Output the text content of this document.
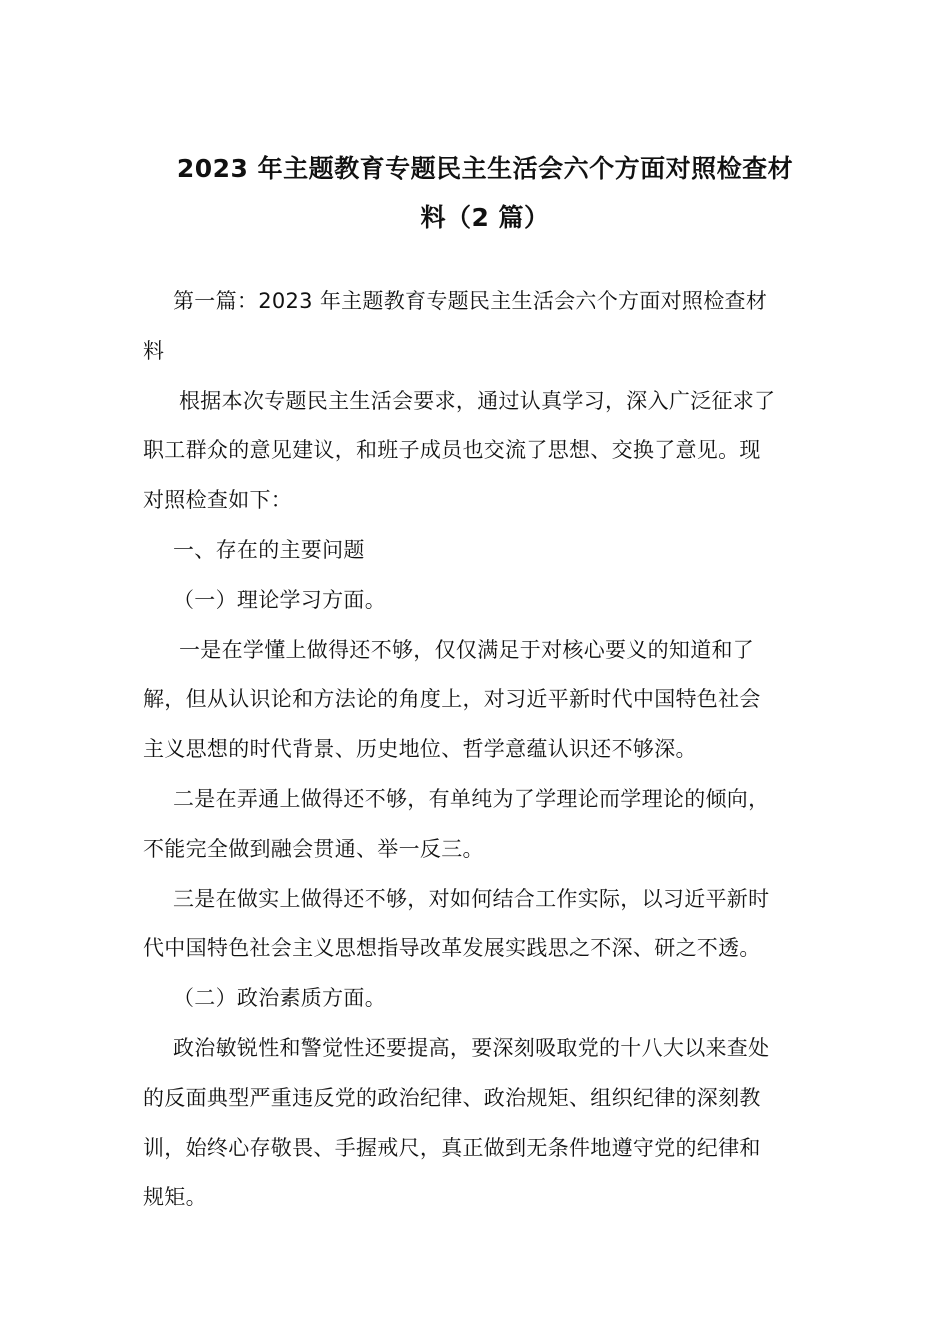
2023 年主题教育专题民主生活会六个方面对照检查材
料（2 篇）

第一篇：2023 年主题教育专题民主生活会六个方面对照检查材
料

根据本次专题民主生活会要求，通过认真学习，深入广泛征求了
职工群众的意见建议，和班子成员也交流了思想、交换了意见。现
对照检查如下：

一、存在的主要问题

（一）理论学习方面。

一是在学懂上做得还不够，仅仅满足于对核心要义的知道和了
解，但从认识论和方法论的角度上，对习近平新时代中国特色社会
主义思想的时代背景、历史地位、哲学意蕴认识还不够深。

二是在弄通上做得还不够，有单纯为了学理论而学理论的倾向，
不能完全做到融会贯通、举一反三。

三是在做实上做得还不够，对如何结合工作实际，以习近平新时
代中国特色社会主义思想指导改革发展实践思之不深、研之不透。

（二）政治素质方面。

政治敏锐性和警觉性还要提高，要深刻吸取党的十八大以来查处
的反面典型严重违反党的政治纪律、政治规矩、组织纪律的深刻教
训，始终心存敬畏、手握戒尺，真正做到无条件地遵守党的纪律和
规矩。
